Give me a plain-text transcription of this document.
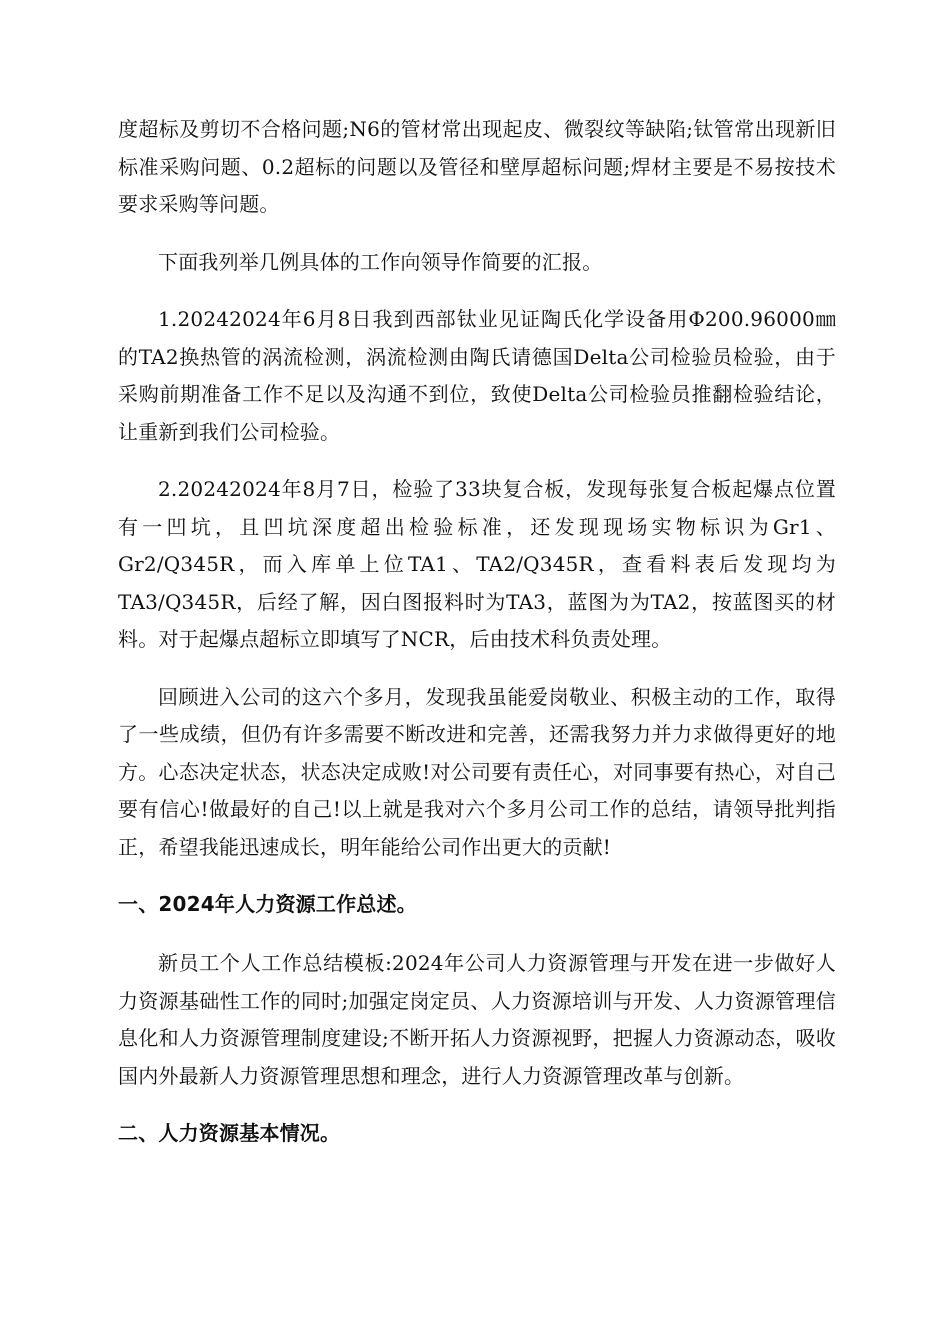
度超标及剪切不合格问题;N6的管材常出现起皮、微裂纹等缺陷;钛管常出现新旧标准采购问题、0.2超标的问题以及管径和壁厚超标问题;焊材主要是不易按技术要求采购等问题。

下面我列举几例具体的工作向领导作简要的汇报。

1.20242024年6月8日我到西部钛业见证陶氏化学设备用Φ200.96000㎜的TA2换热管的涡流检测，涡流检测由陶氏请德国Delta公司检验员检验，由于采购前期准备工作不足以及沟通不到位，致使Delta公司检验员推翻检验结论，让重新到我们公司检验。

2.20242024年8月7日，检验了33块复合板，发现每张复合板起爆点位置有一凹坑，且凹坑深度超出检验标准，还发现现场实物标识为Gr1、Gr2/Q345R，而入库单上位TA1、TA2/Q345R，查看料表后发现均为TA3/Q345R，后经了解，因白图报料时为TA3，蓝图为为TA2，按蓝图买的材料。对于起爆点超标立即填写了NCR，后由技术科负责处理。

回顾进入公司的这六个多月，发现我虽能爱岗敬业、积极主动的工作，取得了一些成绩，但仍有许多需要不断改进和完善，还需我努力并力求做得更好的地方。心态决定状态，状态决定成败!对公司要有责任心，对同事要有热心，对自己要有信心!做最好的自己!以上就是我对六个多月公司工作的总结，请领导批判指正，希望我能迅速成长，明年能给公司作出更大的贡献!

一、2024年人力资源工作总述。

新员工个人工作总结模板:2024年公司人力资源管理与开发在进一步做好人力资源基础性工作的同时;加强定岗定员、人力资源培训与开发、人力资源管理信息化和人力资源管理制度建设;不断开拓人力资源视野，把握人力资源动态，吸收国内外最新人力资源管理思想和理念，进行人力资源管理改革与创新。

二、人力资源基本情况。
